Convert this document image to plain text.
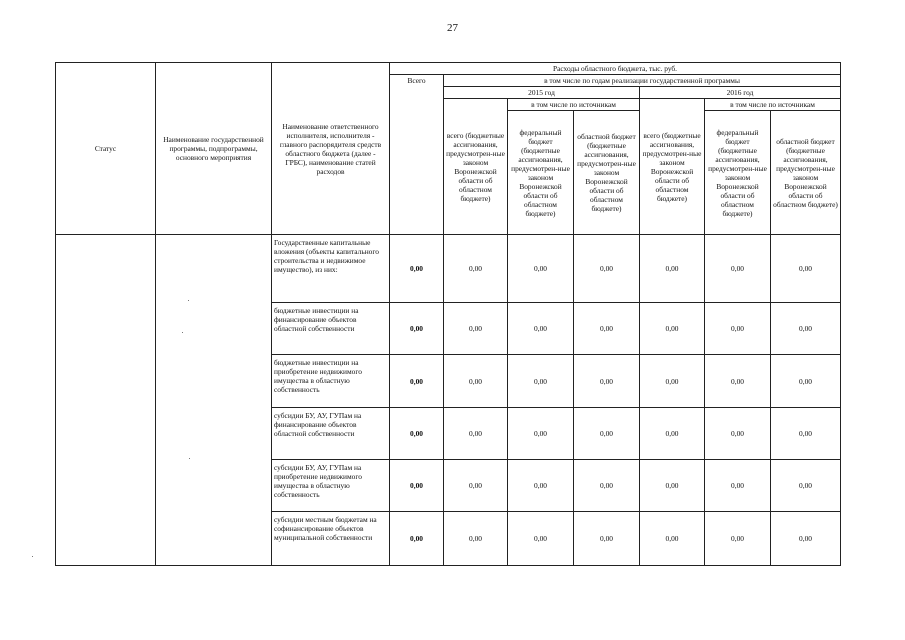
27
Статус	Наименование государственной программы, подпрограммы, основного мероприятия	Наименование ответственного исполнителя, исполнителя - главного распорядителя средств областного бюджета (далее - ГРБС), наименование статей расходов	Расходы областного бюджета, тыс. руб.						
			Всего	в том числе по годам реализации государственной программы					
				2015 год			2016 год		
				всего (бюджетные ассигнования, предусмотрен-ные законом Воронежской области об областном бюджете)	в том числе по источникам		всего (бюджетные ассигнования, предусмотрен-ные законом Воронежской области об областном бюджете)	в том числе по источникам	
					федеральный бюджет (бюджетные ассигнования, предусмотрен-ные законом Воронежской области об областном бюджете)	областной бюджет (бюджетные ассигнования, предусмотрен-ные законом Воронежской области об областном бюджете)		федеральный бюджет (бюджетные ассигнования, предусмотрен-ные законом Воронежской области об областном бюджете)	областной бюджет (бюджетные ассигнования, предусмотрен-ные законом Воронежской области об областном бюджете)
		Государственные капитальные вложения (объекты капитального строительства и недвижимое имущество), из них:	0,00	0,00	0,00	0,00	0,00	0,00	0,00
		бюджетные инвестиции на финансирование объектов областной собственности	0,00	0,00	0,00	0,00	0,00	0,00	0,00
		бюджетные инвестиции на приобретение недвижимого имущества в областную собственность	0,00	0,00	0,00	0,00	0,00	0,00	0,00
		субсидии БУ, АУ, ГУПам на финансирование объектов областной собственности	0,00	0,00	0,00	0,00	0,00	0,00	0,00
		субсидии БУ, АУ, ГУПам на приобретение недвижимого имущества в областную собственность	0,00	0,00	0,00	0,00	0,00	0,00	0,00
		субсидии местным бюджетам на софинансирование объектов муниципальной собственности	0,00	0,00	0,00	0,00	0,00	0,00	0,00
